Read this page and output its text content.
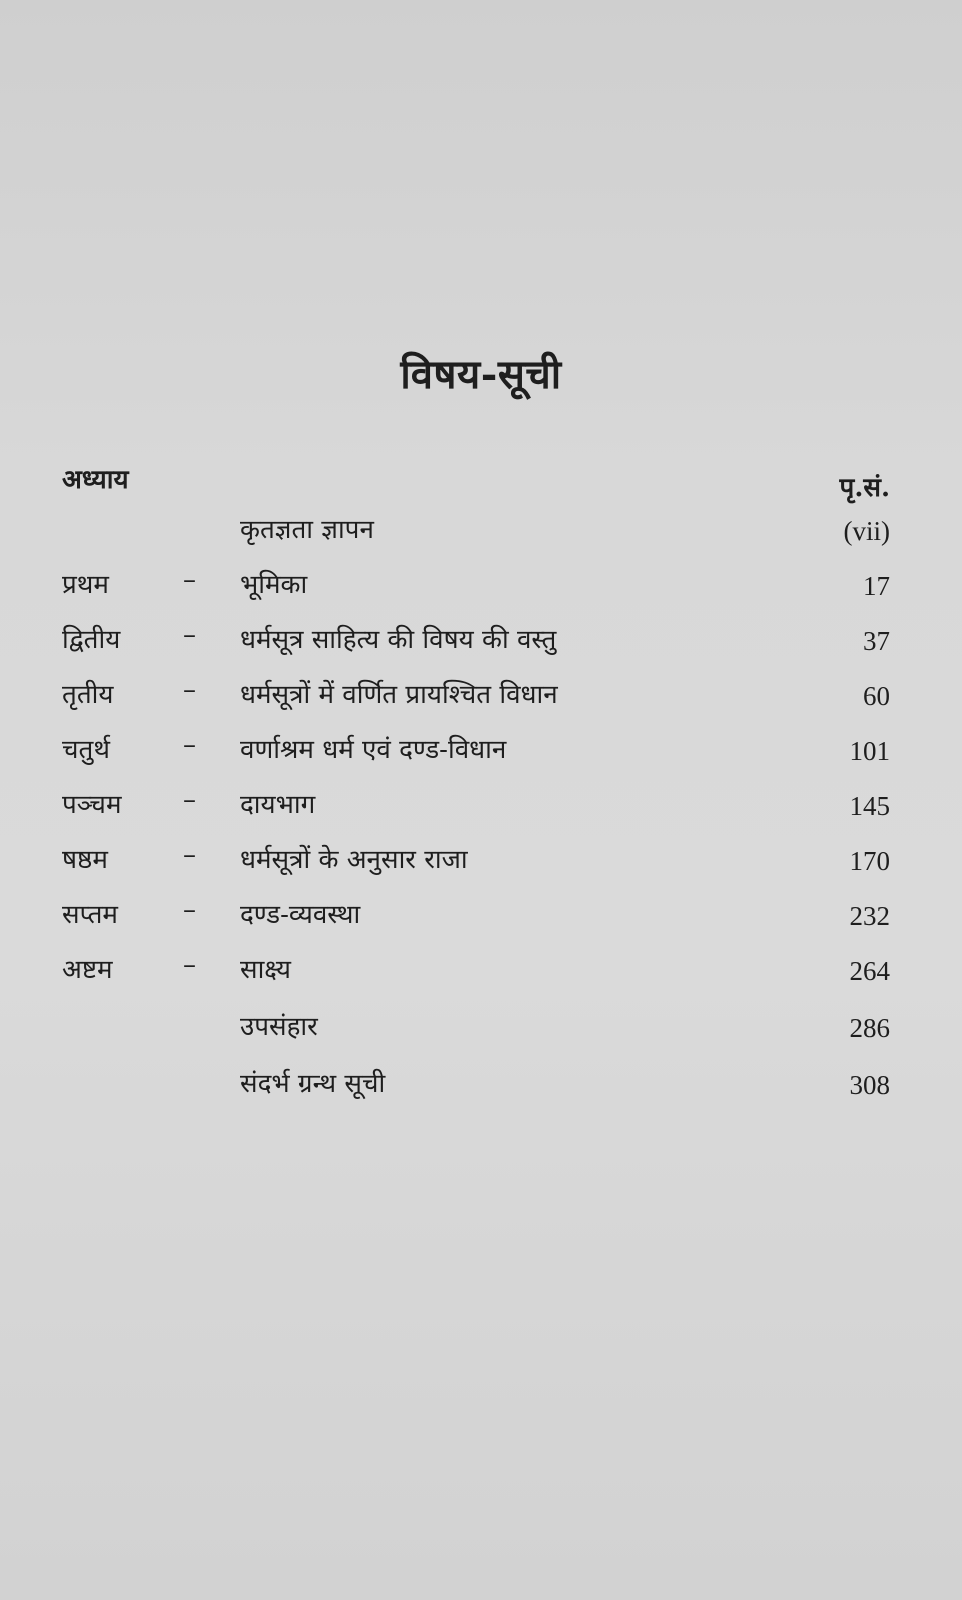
विषय-सूची
अध्याय	पृ.सं.
कृतज्ञता ज्ञापन	(vii)
प्रथम	– भूमिका	17
द्वितीय – धर्मसूत्र साहित्य की विषय की वस्तु	37
तृतीय	– धर्मसूत्रों में वर्णित प्रायश्चित विधान	60
चतुर्थ	– वर्णाश्रम धर्म एवं दण्ड-विधान	101
पञ्चम – दायभाग	145
षष्ठम	– धर्मसूत्रों के अनुसार राजा	170
सप्तम	– दण्ड-व्यवस्था	232
अष्टम	– साक्ष्य	264
उपसंहार	286
संदर्भ ग्रन्थ सूची	308
